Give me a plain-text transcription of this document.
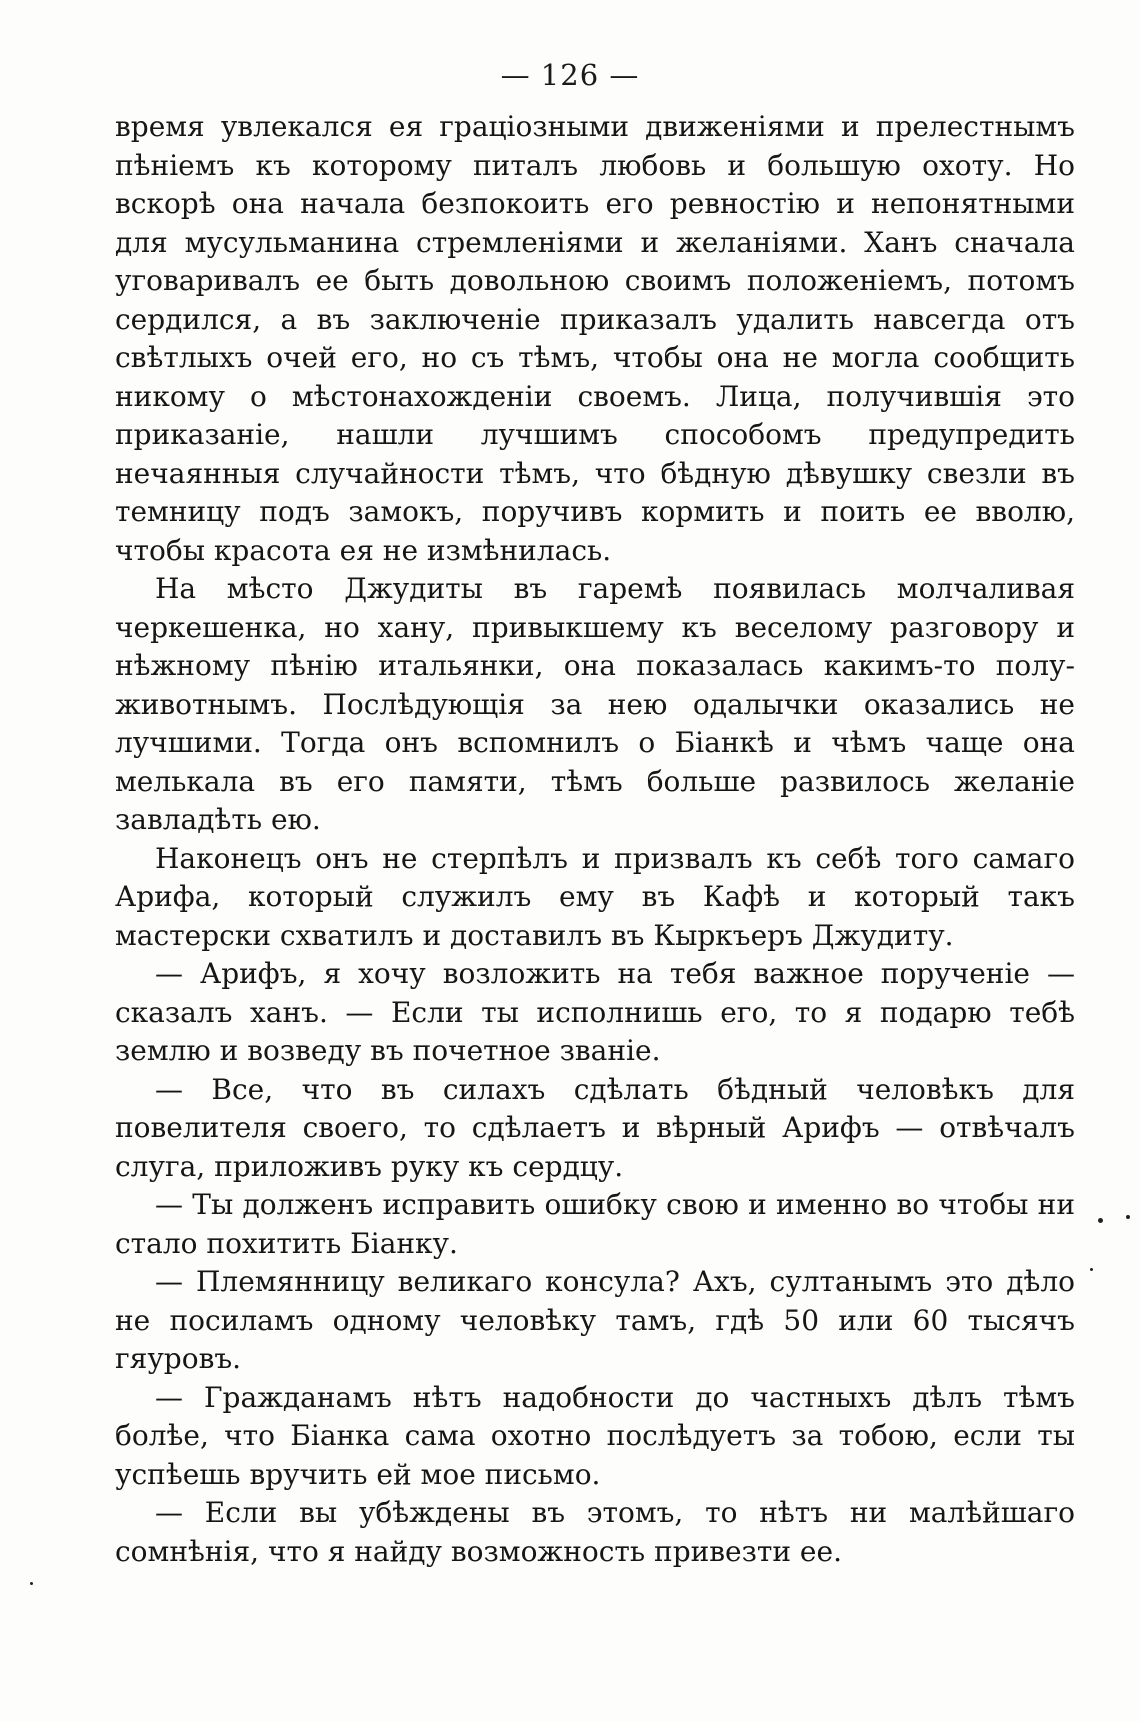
— 126 —

время увлекался ея граціозными движеніями и прелестнымъ пѣніемъ къ которому питалъ любовь и большую охоту. Но вскорѣ она начала безпокоить его ревностію и непонятными для мусульманина стремленіями и желаніями. Ханъ сначала уговаривалъ ее быть довольною своимъ положеніемъ, потомъ сердился, а въ заключеніе приказалъ удалить навсегда отъ свѣтлыхъ очей его, но съ тѣмъ, чтобы она не могла сообщить никому о мѣстонахожденіи своемъ. Лица, получившія это приказаніе, нашли лучшимъ способомъ предупредить нечаянныя случайности тѣмъ, что бѣдную дѣвушку свезли въ темницу подъ замокъ, поручивъ кормить и поить ее вволю, чтобы красота ея не измѣнилась.

На мѣсто Джудиты въ гаремѣ появилась молчаливая черкешенка, но хану, привыкшему къ веселому разговору и нѣжному пѣнію итальянки, она показалась какимъ-то полу-животнымъ. Послѣдующія за нею одалычки оказались не лучшими. Тогда онъ вспомнилъ о Біанкѣ и чѣмъ чаще она мелькала въ его памяти, тѣмъ больше развилось желаніе завладѣть ею.

Наконецъ онъ не стерпѣлъ и призвалъ къ себѣ того самаго Арифа, который служилъ ему въ Кафѣ и который такъ мастерски схватилъ и доставилъ въ Кыркъеръ Джудиту.

— Арифъ, я хочу возложить на тебя важное порученіе — сказалъ ханъ. — Если ты исполнишь его, то я подарю тебѣ землю и возведу въ почетное званіе.

— Все, что въ силахъ сдѣлать бѣдный человѣкъ для повелителя своего, то сдѣлаетъ и вѣрный Арифъ — отвѣчалъ слуга, приложивъ руку къ сердцу.

— Ты долженъ исправить ошибку свою и именно во чтобы ни стало похитить Біанку.

— Племянницу великаго консула? Ахъ, султанымъ это дѣло не посиламъ одному человѣку тамъ, гдѣ 50 или 60 тысячъ гяуровъ.

— Гражданамъ нѣтъ надобности до частныхъ дѣлъ тѣмъ болѣе, что Біанка сама охотно послѣдуетъ за тобою, если ты успѣешь вручить ей мое письмо.

— Если вы убѣждены въ этомъ, то нѣтъ ни малѣйшаго сомнѣнія, что я найду возможность привезти ее.
